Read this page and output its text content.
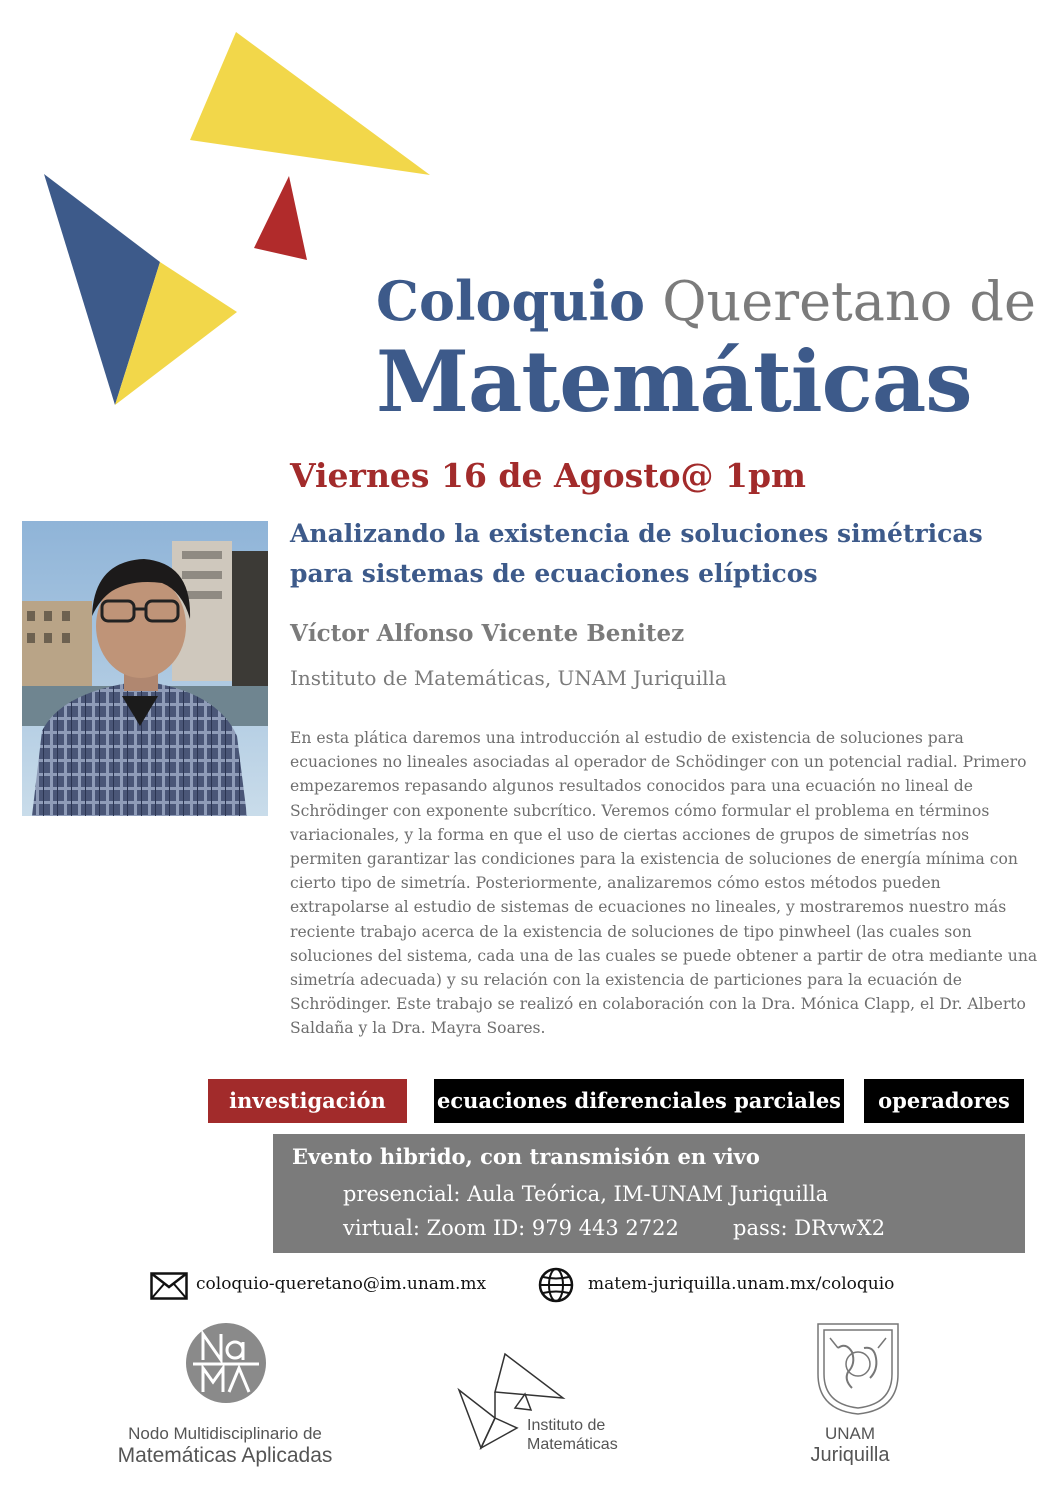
Coloquio Queretano de
Matemáticas
Viernes 16 de Agosto@ 1pm
Analizando la existencia de soluciones simétricas
para sistemas de ecuaciones elípticos
Víctor Alfonso Vicente Benitez
Instituto de Matemáticas, UNAM Juriquilla
En esta plática daremos una introducción al estudio de existencia de soluciones para ecuaciones no lineales asociadas al operador de Schödinger con un potencial radial. Primero empezaremos repasando algunos resultados conocidos para una ecuación no lineal de Schrödinger con exponente subcrítico. Veremos cómo formular el problema en términos variacionales, y la forma en que el uso de ciertas acciones de grupos de simetrías nos permiten garantizar las condiciones para la existencia de soluciones de energía mínima con cierto tipo de simetría. Posteriormente, analizaremos cómo estos métodos pueden extrapolarse al estudio de sistemas de ecuaciones no lineales, y mostraremos nuestro más reciente trabajo acerca de la existencia de soluciones de tipo pinwheel (las cuales son soluciones del sistema, cada una de las cuales se puede obtener a partir de otra mediante una simetría adecuada) y su relación con la existencia de particiones para la ecuación de Schrödinger. Este trabajo se realizó en colaboración con la Dra. Mónica Clapp, el Dr. Alberto Saldaña y la Dra. Mayra Soares.
investigación	ecuaciones diferenciales parciales	operadores
Evento hibrido, con transmisión en vivo
presencial: Aula Teórica, IM-UNAM Juriquilla
virtual: Zoom ID: 979 443 2722	pass: DRvwX2
coloquio-queretano@im.unam.mx	matem-juriquilla.unam.mx/coloquio
Nodo Multidisciplinario de
Matemáticas Aplicadas
Instituto de
Matemáticas
UNAM
Juriquilla
